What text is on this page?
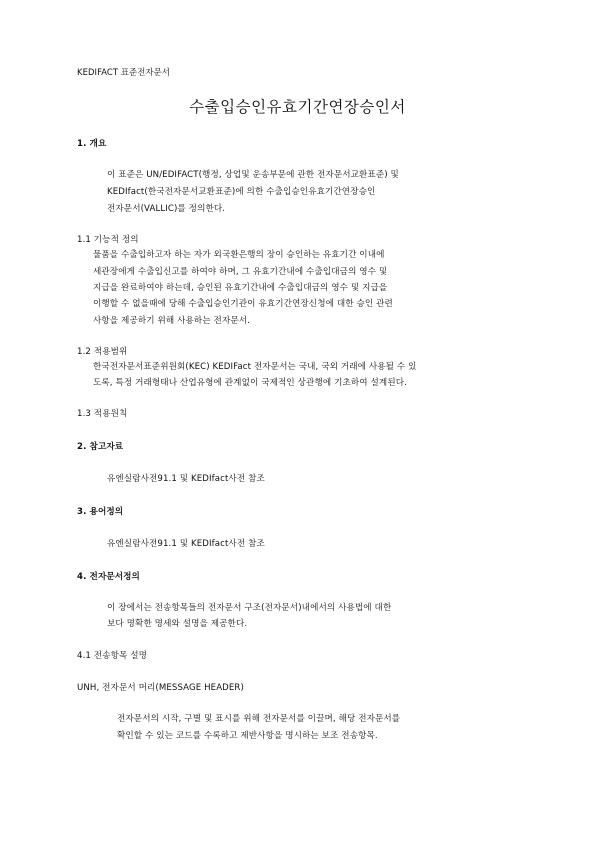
KEDIFACT 표준전자문서
수출입승인유효기간연장승인서
1. 개요
이 표준은 UN/EDIFACT(행정, 상업및 운송부문에 관한 전자문서교환표준) 및
KEDIfact(한국전자문서교환표준)에 의한 수출입승인유효기간연장승인
전자문서(VALLIC)를 정의한다.
1.1 기능적 정의
물품을 수출입하고자 하는 자가 외국환은행의 장이 승인하는 유효기간 이내에
세관장에게 수출입신고를 하여야 하며, 그 유효기간내에 수출입대금의 영수 및
지급을 완료하여야 하는데, 승인된 유효기간내에 수출입대금의 영수 및 지급을
이행할 수 없을때에 당해 수출입승인기관이 유효기간연장신청에 대한 승인 관련
사항을 제공하기 위해 사용하는 전자문서.
1.2 적용범위
한국전자문서표준위원회(KEC) KEDIFact 전자문서는 국내, 국외 거래에 사용될 수 있
도록, 특정 거래형태나 산업유형에 관계없이 국제적인 상관행에 기초하여 설계된다.
1.3 적용원칙
2. 참고자료
유엔실람사전91.1 및 KEDIfact사전 참조
3. 용어정의
유엔실람사전91.1 및 KEDIfact사전 참조
4. 전자문서정의
이 장에서는 전송항목들의 전자문서 구조(전자문서)내에서의 사용법에 대한
보다 명확한 명세와 설명을 제공한다.
4.1 전송항목 설명
UNH, 전자문서 머리(MESSAGE HEADER)
전자문서의 시작, 구별 및 표시를 위해 전자문서를 이끌며, 해당 전자문서를
확인할 수 있는 코드를 수록하고 제반사항을 명시하는 보조 전송항목.
